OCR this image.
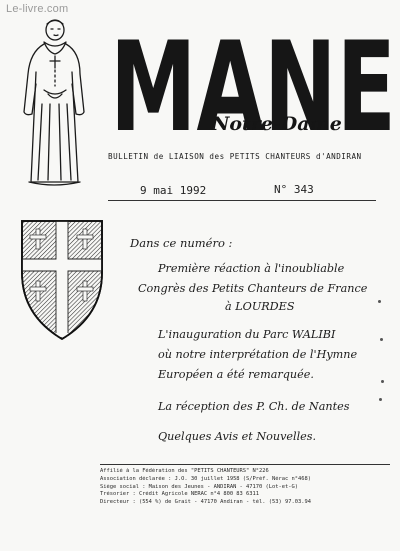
Le-livre.com
MANE
Notre-Dame
BULLETIN de LIAISON des PETITS CHANTEURS d'ANDIRAN
9 mai 1992	N° 343
Dans ce numéro :
Première réaction à l'inoubliable
Congrès des Petits Chanteurs de France
à LOURDES
L'inauguration du Parc WALIBI
où notre interprétation de l'Hymne
Européen a été remarquée.
La réception des P. Ch. de Nantes
Quelques Avis et Nouvelles.
Affilié à la Fédération des "PETITS CHANTEURS" N°226
Association déclarée : J.O. 30 juillet 1958 (S/Préf. Nérac n°468)
Siège social : Maison des Jeunes - ANDIRAN - 47170 (Lot-et-G)
Trésorier : Crédit Agricole NERAC n°4 800 83 6311
Directeur : (554 %) de Grait - 47170 Andiran - tél. (53) 97.03.94
